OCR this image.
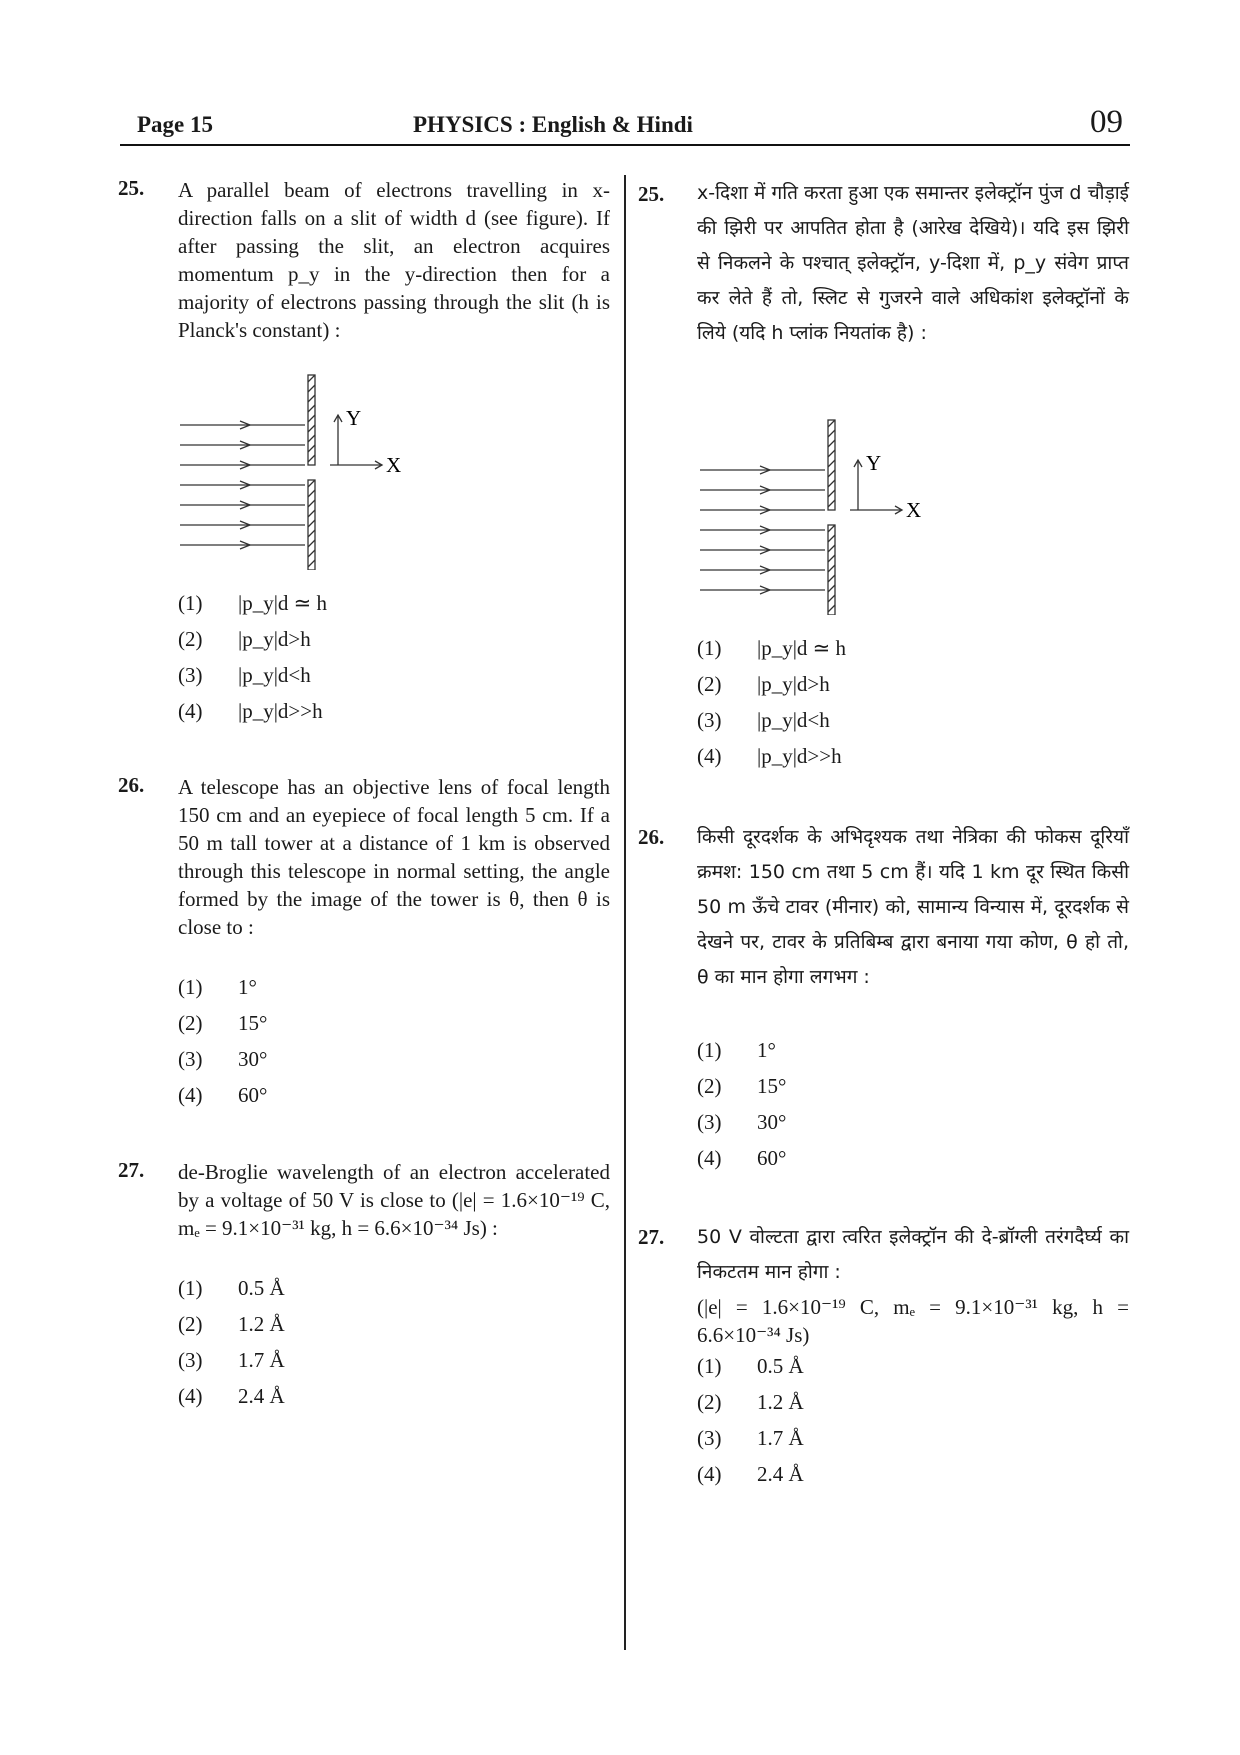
Page 15	PHYSICS : English & Hindi	09
25. A parallel beam of electrons travelling in x-direction falls on a slit of width d (see figure). If after passing the slit, an electron acquires momentum p_y in the y-direction then for a majority of electrons passing through the slit (h is Planck's constant) :
Y
X
(1) |p_y|d ≃ h
(2) |p_y|d>h
(3) |p_y|d<h
(4) |p_y|d>>h
26. A telescope has an objective lens of focal length 150 cm and an eyepiece of focal length 5 cm. If a 50 m tall tower at a distance of 1 km is observed through this telescope in normal setting, the angle formed by the image of the tower is θ, then θ is close to :
(1) 1°
(2) 15°
(3) 30°
(4) 60°
27. de-Broglie wavelength of an electron accelerated by a voltage of 50 V is close to (|e| = 1.6×10⁻¹⁹ C, mₑ = 9.1×10⁻³¹ kg, h = 6.6×10⁻³⁴ Js) :
(1) 0.5 Å
(2) 1.2 Å
(3) 1.7 Å
(4) 2.4 Å
25. x-दिशा में गति करता हुआ एक समान्तर इलेक्ट्रॉन पुंज d चौड़ाई की झिरी पर आपतित होता है (आरेख देखिये)। यदि इस झिरी से निकलने के पश्चात् इलेक्ट्रॉन, y-दिशा में, p_y संवेग प्राप्त कर लेते हैं तो, स्लिट से गुजरने वाले अधिकांश इलेक्ट्रॉनों के लिये (यदि h प्लांक नियतांक है) :
Y
X
(1) |p_y|d ≃ h
(2) |p_y|d>h
(3) |p_y|d<h
(4) |p_y|d>>h
26. किसी दूरदर्शक के अभिदृश्यक तथा नेत्रिका की फोकस दूरियाँ क्रमश: 150 cm तथा 5 cm हैं। यदि 1 km दूर स्थित किसी 50 m ऊँचे टावर (मीनार) को, सामान्य विन्यास में, दूरदर्शक से देखने पर, टावर के प्रतिबिम्ब द्वारा बनाया गया कोण, θ हो तो, θ का मान होगा लगभग :
(1) 1°
(2) 15°
(3) 30°
(4) 60°
27. 50 V वोल्टता द्वारा त्वरित इलेक्ट्रॉन की दे-ब्रॉग्ली तरंगदैर्घ्य का निकटतम मान होगा :
(|e| = 1.6×10⁻¹⁹ C, mₑ = 9.1×10⁻³¹ kg, h = 6.6×10⁻³⁴ Js)
(1) 0.5 Å
(2) 1.2 Å
(3) 1.7 Å
(4) 2.4 Å
